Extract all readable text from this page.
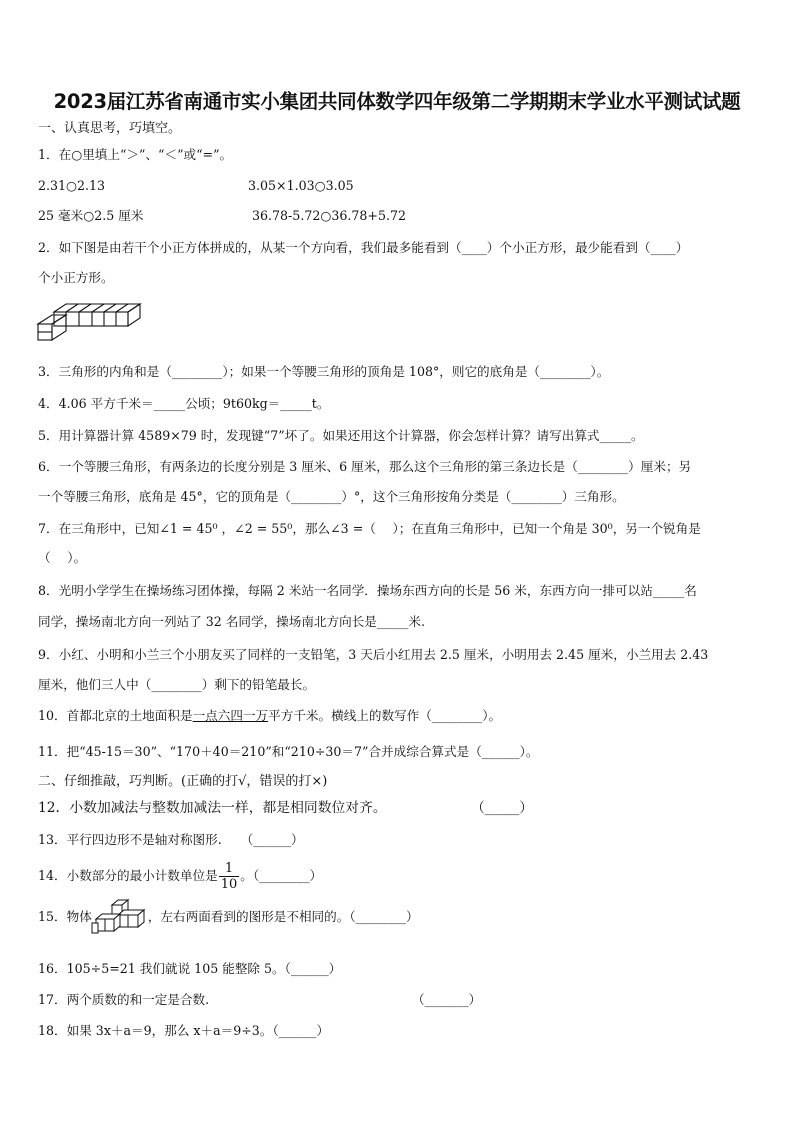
2023届江苏省南通市实小集团共同体数学四年级第二学期期末学业水平测试试题
一、认真思考，巧填空。
1．在○里填上“＞”、“＜”或“=”。
2.31○2.13	3.05×1.03○3.05
25 毫米○2.5 厘米	36.78-5.72○36.78+5.72
2．如下图是由若干个小正方体拼成的，从某一个方向看，我们最多能看到（____）个小正方形，最少能看到（____）
个小正方形。
3．三角形的内角和是（________）；如果一个等腰三角形的顶角是 108°，则它的底角是（________）。
4．4.06 平方千米＝_____公顷；9t60kg＝_____t。
5．用计算器计算 4589×79 时，发现键“7”坏了。如果还用这个计算器，你会怎样计算？请写出算式_____。
6．一个等腰三角形，有两条边的长度分别是 3 厘米、6 厘米，那么这个三角形的第三条边长是（________）厘米；另
一个等腰三角形，底角是 45°，它的顶角是（________）°，这个三角形按角分类是（________）三角形。
7．在三角形中，已知∠1 = 45⁰ ，∠2 = 55⁰，那么∠3 =（　 ）；在直角三角形中，已知一个角是 30⁰，另一个锐角是
（　 ）。
8．光明小学学生在操场练习团体操，每隔 2 米站一名同学．操场东西方向的长是 56 米，东西方向一排可以站_____名
同学，操场南北方向一列站了 32 名同学，操场南北方向长是_____米.
9．小红、小明和小兰三个小朋友买了同样的一支铅笔，3 天后小红用去 2.5 厘米，小明用去 2.45 厘米，小兰用去 2.43
厘米，他们三人中（________）剩下的铅笔最长。
10．首都北京的土地面积是一点六四一万平方千米。横线上的数写作（________）。
11．把“45-15＝30”、“170＋40＝210”和“210÷30＝7”合并成综合算式是（______）。
二、仔细推敲，巧判断。(正确的打√，错误的打×)
12．小数加减法与整数加减法一样，都是相同数位对齐。	（_____）
13．平行四边形不是轴对称图形.　　（______）
14．小数部分的最小计数单位是 $\frac{1}{10}$ 。（________）
15．物体	，左右两面看到的图形是不相同的。（________）
16．105÷5=21 我们就说 105 能整除 5。（______）
17．两个质数的和一定是合数.	（_______）
18．如果 3x＋a＝9，那么 x＋a＝9÷3。（______）
